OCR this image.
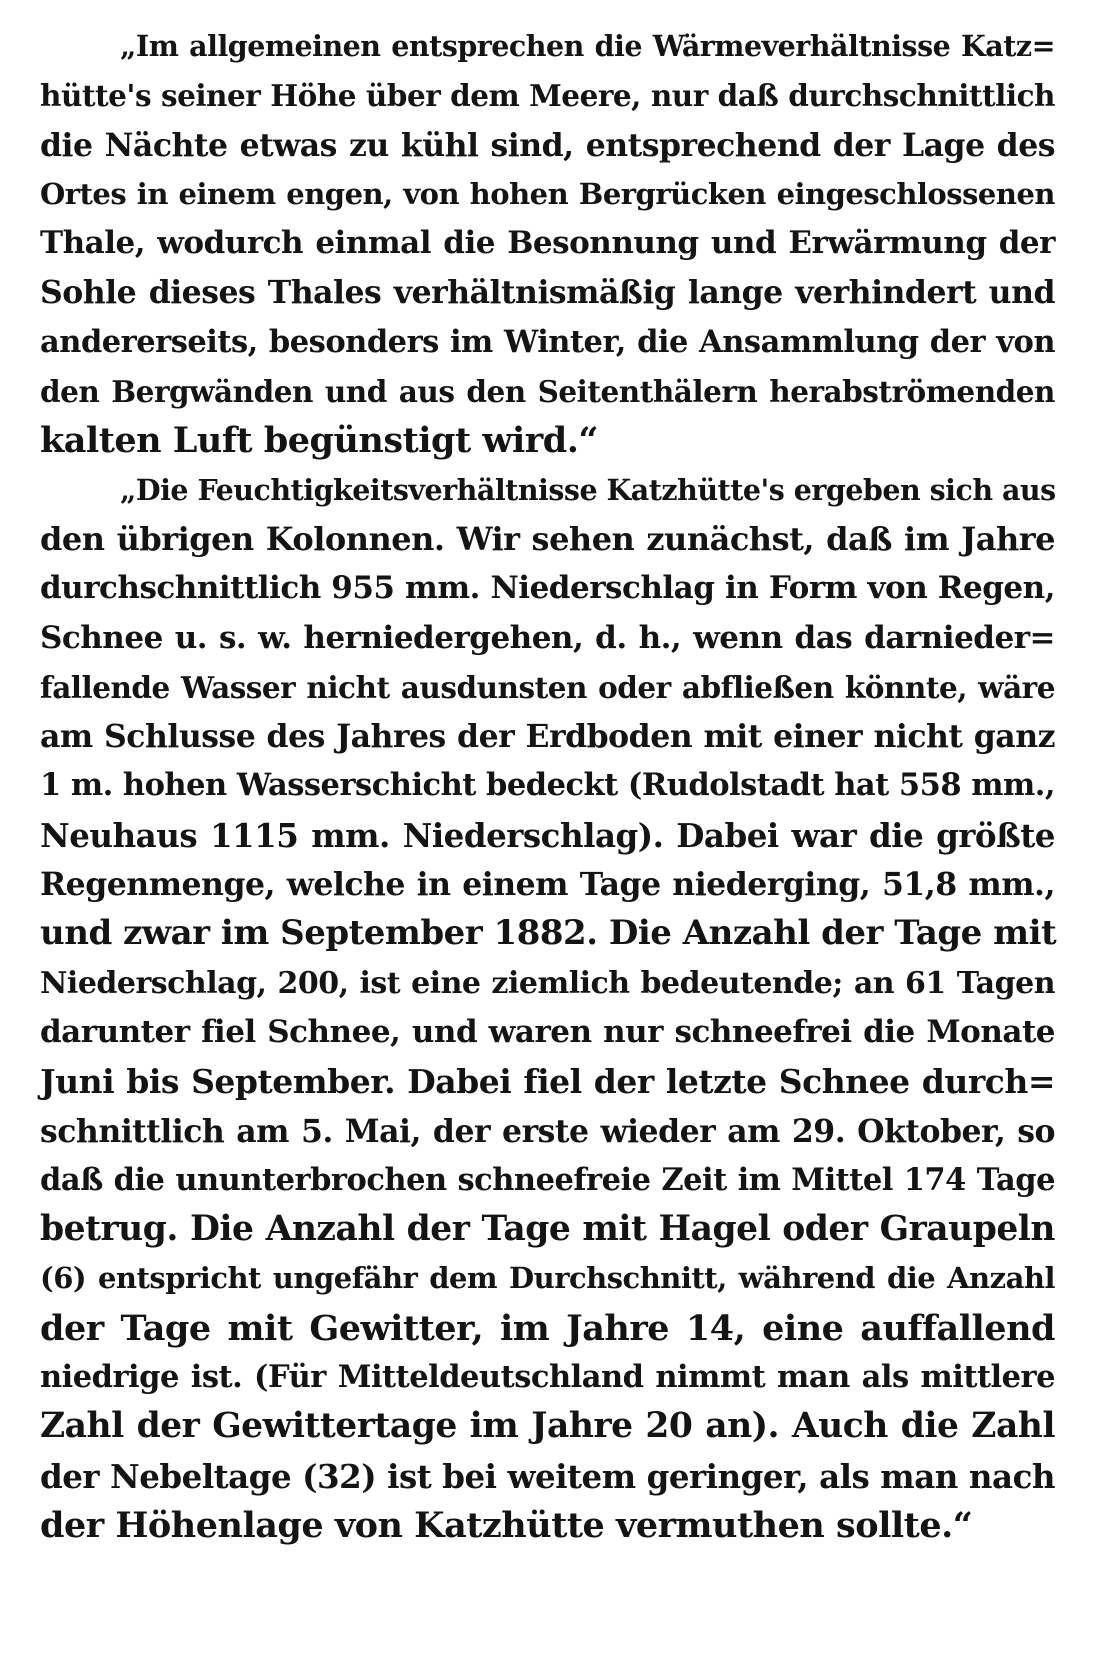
„Im allgemeinen entsprechen die Wärmeverhältnisse Katz=
hütte's seiner Höhe über dem Meere, nur daß durchschnittlich
die Nächte etwas zu kühl sind, entsprechend der Lage des
Ortes in einem engen, von hohen Bergrücken eingeschlossenen
Thale, wodurch einmal die Besonnung und Erwärmung der
Sohle dieses Thales verhältnismäßig lange verhindert und
andererseits, besonders im Winter, die Ansammlung der von
den Bergwänden und aus den Seitenthälern herabströmenden
kalten Luft begünstigt wird.“
„Die Feuchtigkeitsverhältnisse Katzhütte's ergeben sich aus
den übrigen Kolonnen. Wir sehen zunächst, daß im Jahre
durchschnittlich 955 mm. Niederschlag in Form von Regen,
Schnee u. s. w. herniedergehen, d. h., wenn das darnieder=
fallende Wasser nicht ausdunsten oder abfließen könnte, wäre
am Schlusse des Jahres der Erdboden mit einer nicht ganz
1 m. hohen Wasserschicht bedeckt (Rudolstadt hat 558 mm.,
Neuhaus 1115 mm. Niederschlag). Dabei war die größte
Regenmenge, welche in einem Tage niederging, 51,8 mm.,
und zwar im September 1882. Die Anzahl der Tage mit
Niederschlag, 200, ist eine ziemlich bedeutende; an 61 Tagen
darunter fiel Schnee, und waren nur schneefrei die Monate
Juni bis September. Dabei fiel der letzte Schnee durch=
schnittlich am 5. Mai, der erste wieder am 29. Oktober, so
daß die ununterbrochen schneefreie Zeit im Mittel 174 Tage
betrug. Die Anzahl der Tage mit Hagel oder Graupeln
(6) entspricht ungefähr dem Durchschnitt, während die Anzahl
der Tage mit Gewitter, im Jahre 14, eine auffallend
niedrige ist. (Für Mitteldeutschland nimmt man als mittlere
Zahl der Gewittertage im Jahre 20 an). Auch die Zahl
der Nebeltage (32) ist bei weitem geringer, als man nach
der Höhenlage von Katzhütte vermuthen sollte.“
